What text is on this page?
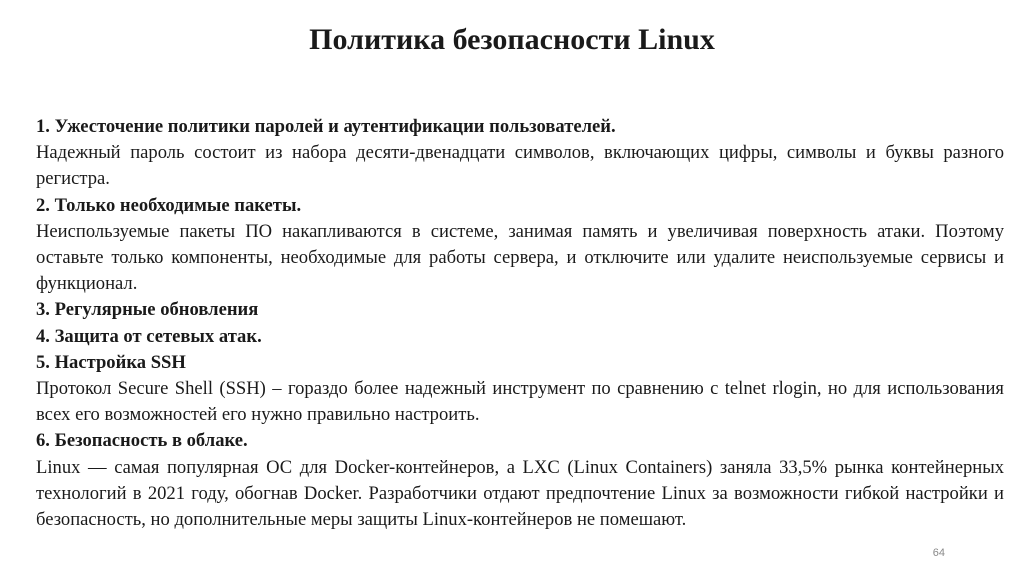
Политика безопасности Linux

1. Ужесточение политики паролей и аутентификации пользователей.

Надежный пароль состоит из набора десяти-двенадцати символов, включающих цифры, символы и буквы разного регистра.

2. Только необходимые пакеты.

Неиспользуемые пакеты ПО накапливаются в системе, занимая память и увеличивая поверхность атаки. Поэтому оставьте только компоненты, необходимые для работы сервера, и отключите или удалите неиспользуемые сервисы и функционал.

3. Регулярные обновления

4. Защита от сетевых атак.

5. Настройка SSH

Протокол Secure Shell (SSH) – гораздо более надежный инструмент по сравнению с telnet rlogin, но для использования всех его возможностей его нужно правильно настроить.

6. Безопасность в облаке.

Linux — самая популярная ОС для Docker-контейнеров, а LXC (Linux Containers) заняла 33,5% рынка контейнерных технологий в 2021 году, обогнав Docker. Разработчики отдают предпочтение Linux за возможности гибкой настройки и безопасность, но дополнительные меры защиты Linux-контейнеров не помешают.

64
